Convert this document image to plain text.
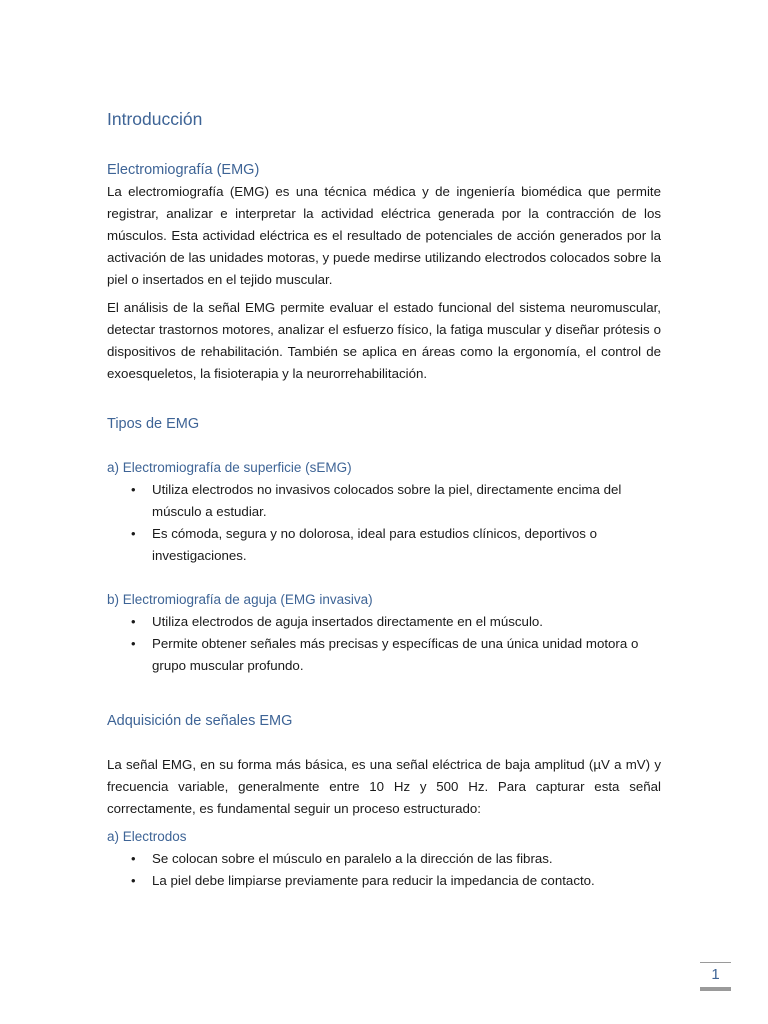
Introducción
Electromiografía (EMG)

La electromiografía (EMG) es una técnica médica y de ingeniería biomédica que permite registrar, analizar e interpretar la actividad eléctrica generada por la contracción de los músculos. Esta actividad eléctrica es el resultado de potenciales de acción generados por la activación de las unidades motoras, y puede medirse utilizando electrodos colocados sobre la piel o insertados en el tejido muscular.

El análisis de la señal EMG permite evaluar el estado funcional del sistema neuromuscular, detectar trastornos motores, analizar el esfuerzo físico, la fatiga muscular y diseñar prótesis o dispositivos de rehabilitación. También se aplica en áreas como la ergonomía, el control de exoesqueletos, la fisioterapia y la neurorrehabilitación.

Tipos de EMG
a) Electromiografía de superficie (sEMG)
• Utiliza electrodos no invasivos colocados sobre la piel, directamente encima del músculo a estudiar.
• Es cómoda, segura y no dolorosa, ideal para estudios clínicos, deportivos o investigaciones.
b) Electromiografía de aguja (EMG invasiva)
• Utiliza electrodos de aguja insertados directamente en el músculo.
• Permite obtener señales más precisas y específicas de una única unidad motora o grupo muscular profundo.
Adquisición de señales EMG

La señal EMG, en su forma más básica, es una señal eléctrica de baja amplitud (µV a mV) y frecuencia variable, generalmente entre 10 Hz y 500 Hz. Para capturar esta señal correctamente, es fundamental seguir un proceso estructurado:

a) Electrodos
• Se colocan sobre el músculo en paralelo a la dirección de las fibras.
• La piel debe limpiarse previamente para reducir la impedancia de contacto.
1
